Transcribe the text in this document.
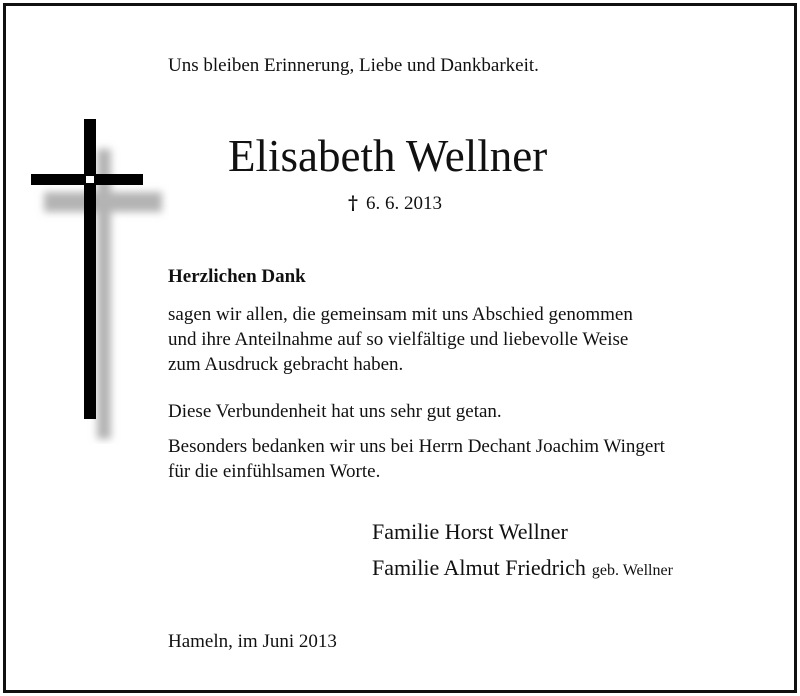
Uns bleiben Erinnerung, Liebe und Dankbarkeit.
Elisabeth Wellner
† 6. 6. 2013
Herzlichen Dank
sagen wir allen, die gemeinsam mit uns Abschied genommen
und ihre Anteilnahme auf so vielfältige und liebevolle Weise
zum Ausdruck gebracht haben.
Diese Verbundenheit hat uns sehr gut getan.
Besonders bedanken wir uns bei Herrn Dechant Joachim Wingert
für die einfühlsamen Worte.
Familie Horst Wellner
Familie Almut Friedrich geb. Wellner
Hameln, im Juni 2013
